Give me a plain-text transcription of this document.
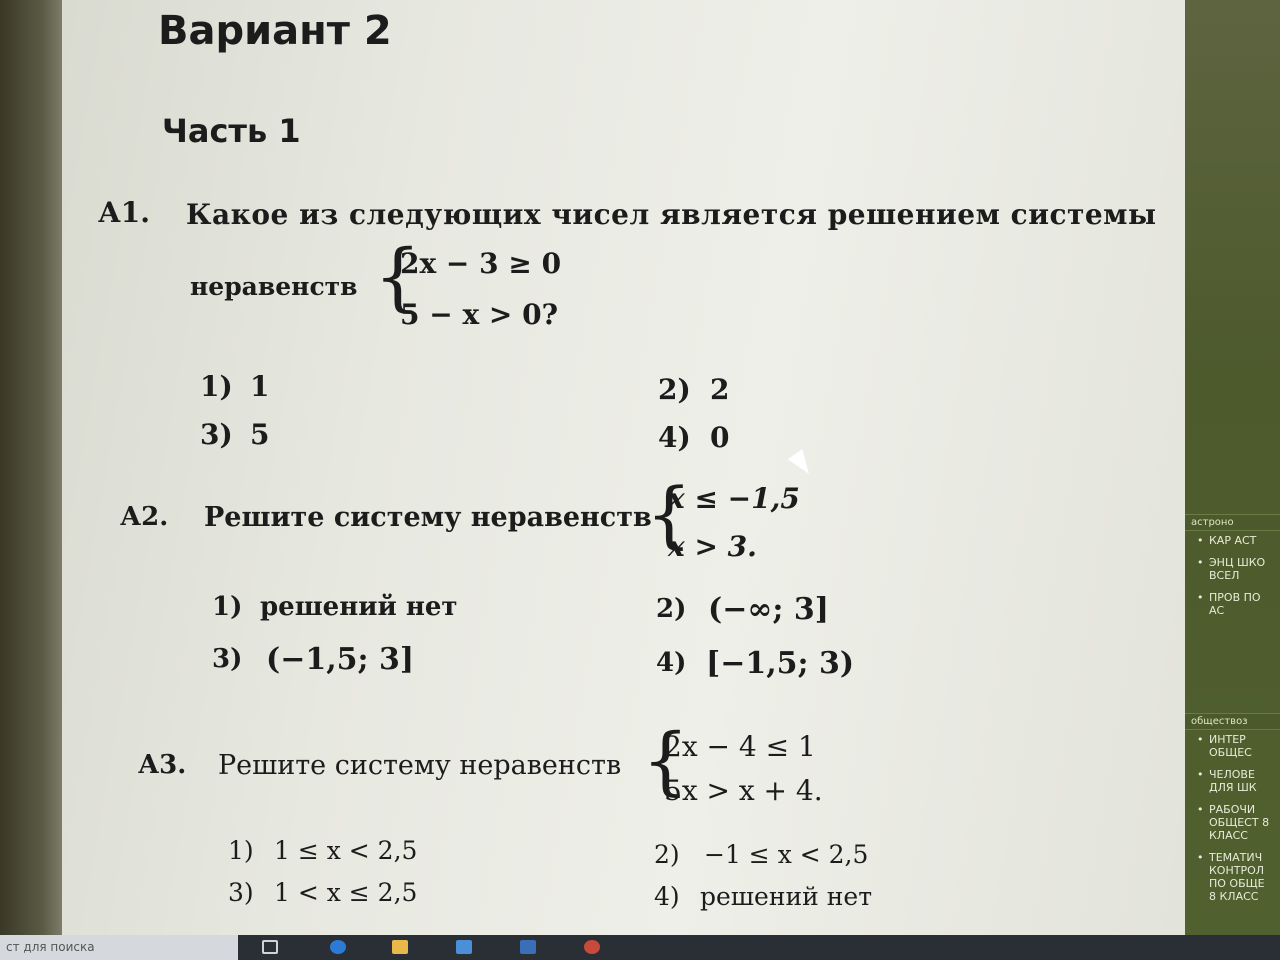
Вариант 2
Часть 1
А1. Какое из следующих чисел является решением системы
неравенств {
2x − 3 ≥ 0
5 − x > 0?
1) 1	2) 2
3) 5	4) 0
А2. Решите систему неравенств
{
x ≤ −1,5
x > 3.
1) решений нет	2) (−∞; 3]
3) (−1,5; 3]	4) [−1,5; 3)
А3. Решите систему неравенств {
2x − 4 ≤ 1
5x > x + 4.
1) 1 ≤ x < 2,5	2) −1 ≤ x < 2,5
3) 1 < x ≤ 2,5	4) решений нет
астроно
• КАР АСТ
• ЭНЦ ШКО ВСЕЛ
• ПРОВ ПО АС
обществоз
• ИНТЕР ОБЩЕС
• ЧЕЛОВЕ ДЛЯ ШК
• РАБОЧИ ОБЩЕСТ 8 КЛАСС
• ТЕМАТИЧ КОНТРОЛ ПО ОБЩЕ 8 КЛАСС
ст для поиска
